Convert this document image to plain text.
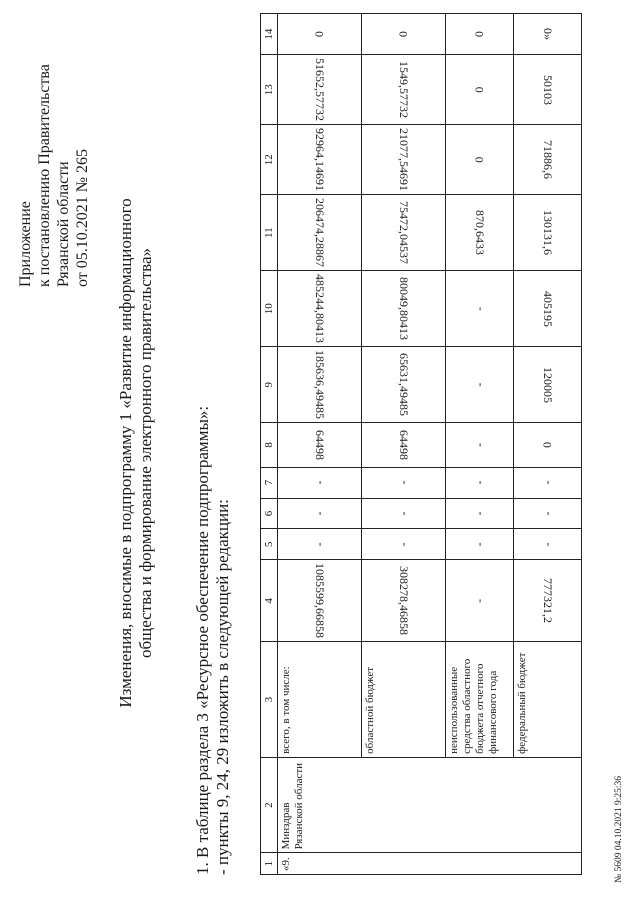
Приложение к постановлению Правительства Рязанской области от 05.10.2021 № 265 Изменения, вносимые в подпрограмму 1 «Развитие информационного общества и формирование электронного правительства» 1. В таблице раздела 3 «Ресурсное обеспечение подпрограммы»: - пункты 9, 24, 29 изложить в следующей редакции:	1	2	3	4	5	6	7	8	9	10	11	12	13	14
«9.	Минздрав Рязанской области	всего, в том числе:	1085599,66858	-	-	-	64498	185636,49485	485244,80413	206474,28867	92964,14691	51652,57732	0
		областной бюджет	308278,46858	-	-	-	64498	65631,49485	80049,80413	75472,04537	21077,54691	1549,57732	0
		неиспользованные средства областного бюджета отчетного финансового года	-	-	-	-	-	-	-	870,6433	0	0	0
		федеральный бюджет	777321,2	-	-	-	0	120005	405195	130131,6	71886,6	50103	0»
№ 5609 04.10.2021 9:25:36
